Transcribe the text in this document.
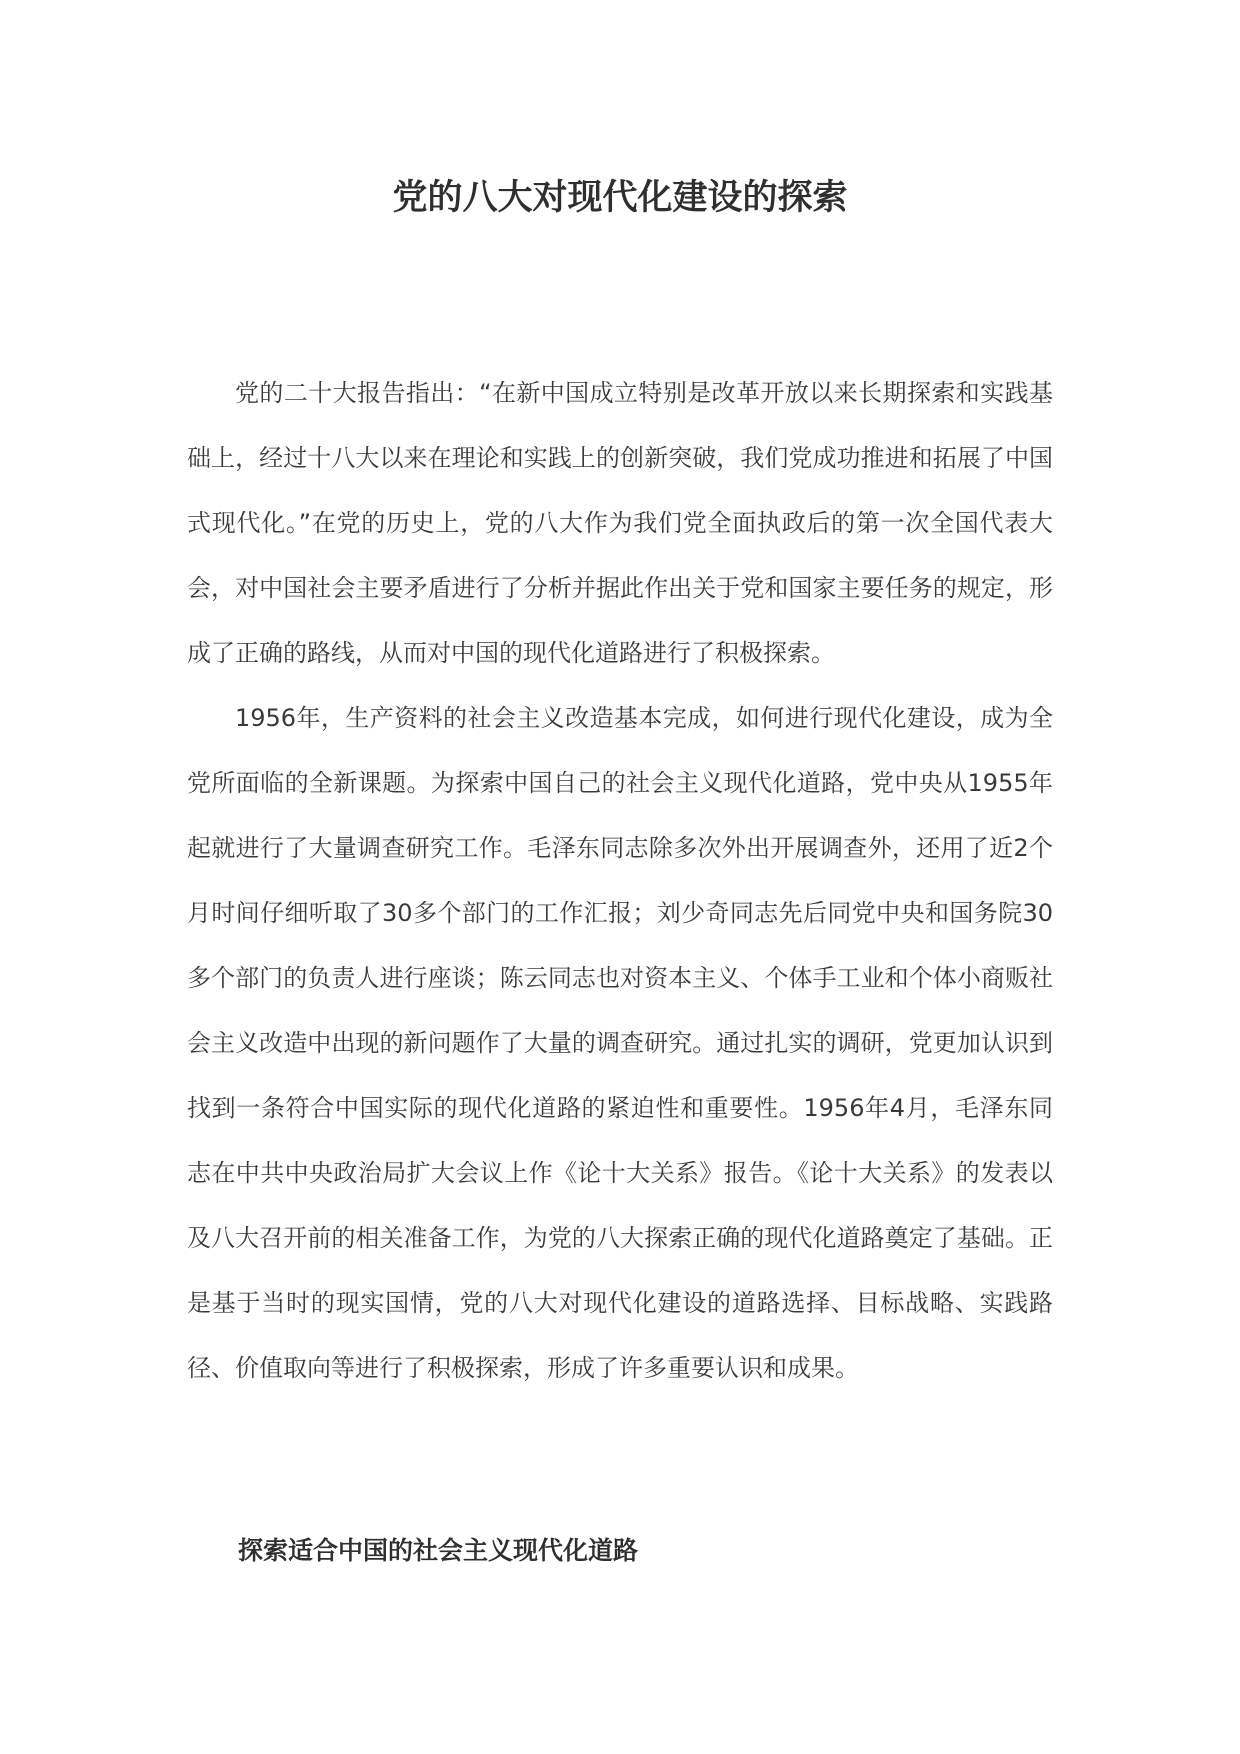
党的八大对现代化建设的探索

党的二十大报告指出：“在新中国成立特别是改革开放以来长期探索和实践基础上，经过十八大以来在理论和实践上的创新突破，我们党成功推进和拓展了中国式现代化。”在党的历史上，党的八大作为我们党全面执政后的第一次全国代表大会，对中国社会主要矛盾进行了分析并据此作出关于党和国家主要任务的规定，形成了正确的路线，从而对中国的现代化道路进行了积极探索。

1956年，生产资料的社会主义改造基本完成，如何进行现代化建设，成为全党所面临的全新课题。为探索中国自己的社会主义现代化道路，党中央从1955年起就进行了大量调查研究工作。毛泽东同志除多次外出开展调查外，还用了近2个月时间仔细听取了30多个部门的工作汇报；刘少奇同志先后同党中央和国务院30多个部门的负责人进行座谈；陈云同志也对资本主义、个体手工业和个体小商贩社会主义改造中出现的新问题作了大量的调查研究。通过扎实的调研，党更加认识到找到一条符合中国实际的现代化道路的紧迫性和重要性。1956年4月，毛泽东同志在中共中央政治局扩大会议上作《论十大关系》报告。《论十大关系》的发表以及八大召开前的相关准备工作，为党的八大探索正确的现代化道路奠定了基础。正是基于当时的现实国情，党的八大对现代化建设的道路选择、目标战略、实践路径、价值取向等进行了积极探索，形成了许多重要认识和成果。

探索适合中国的社会主义现代化道路
